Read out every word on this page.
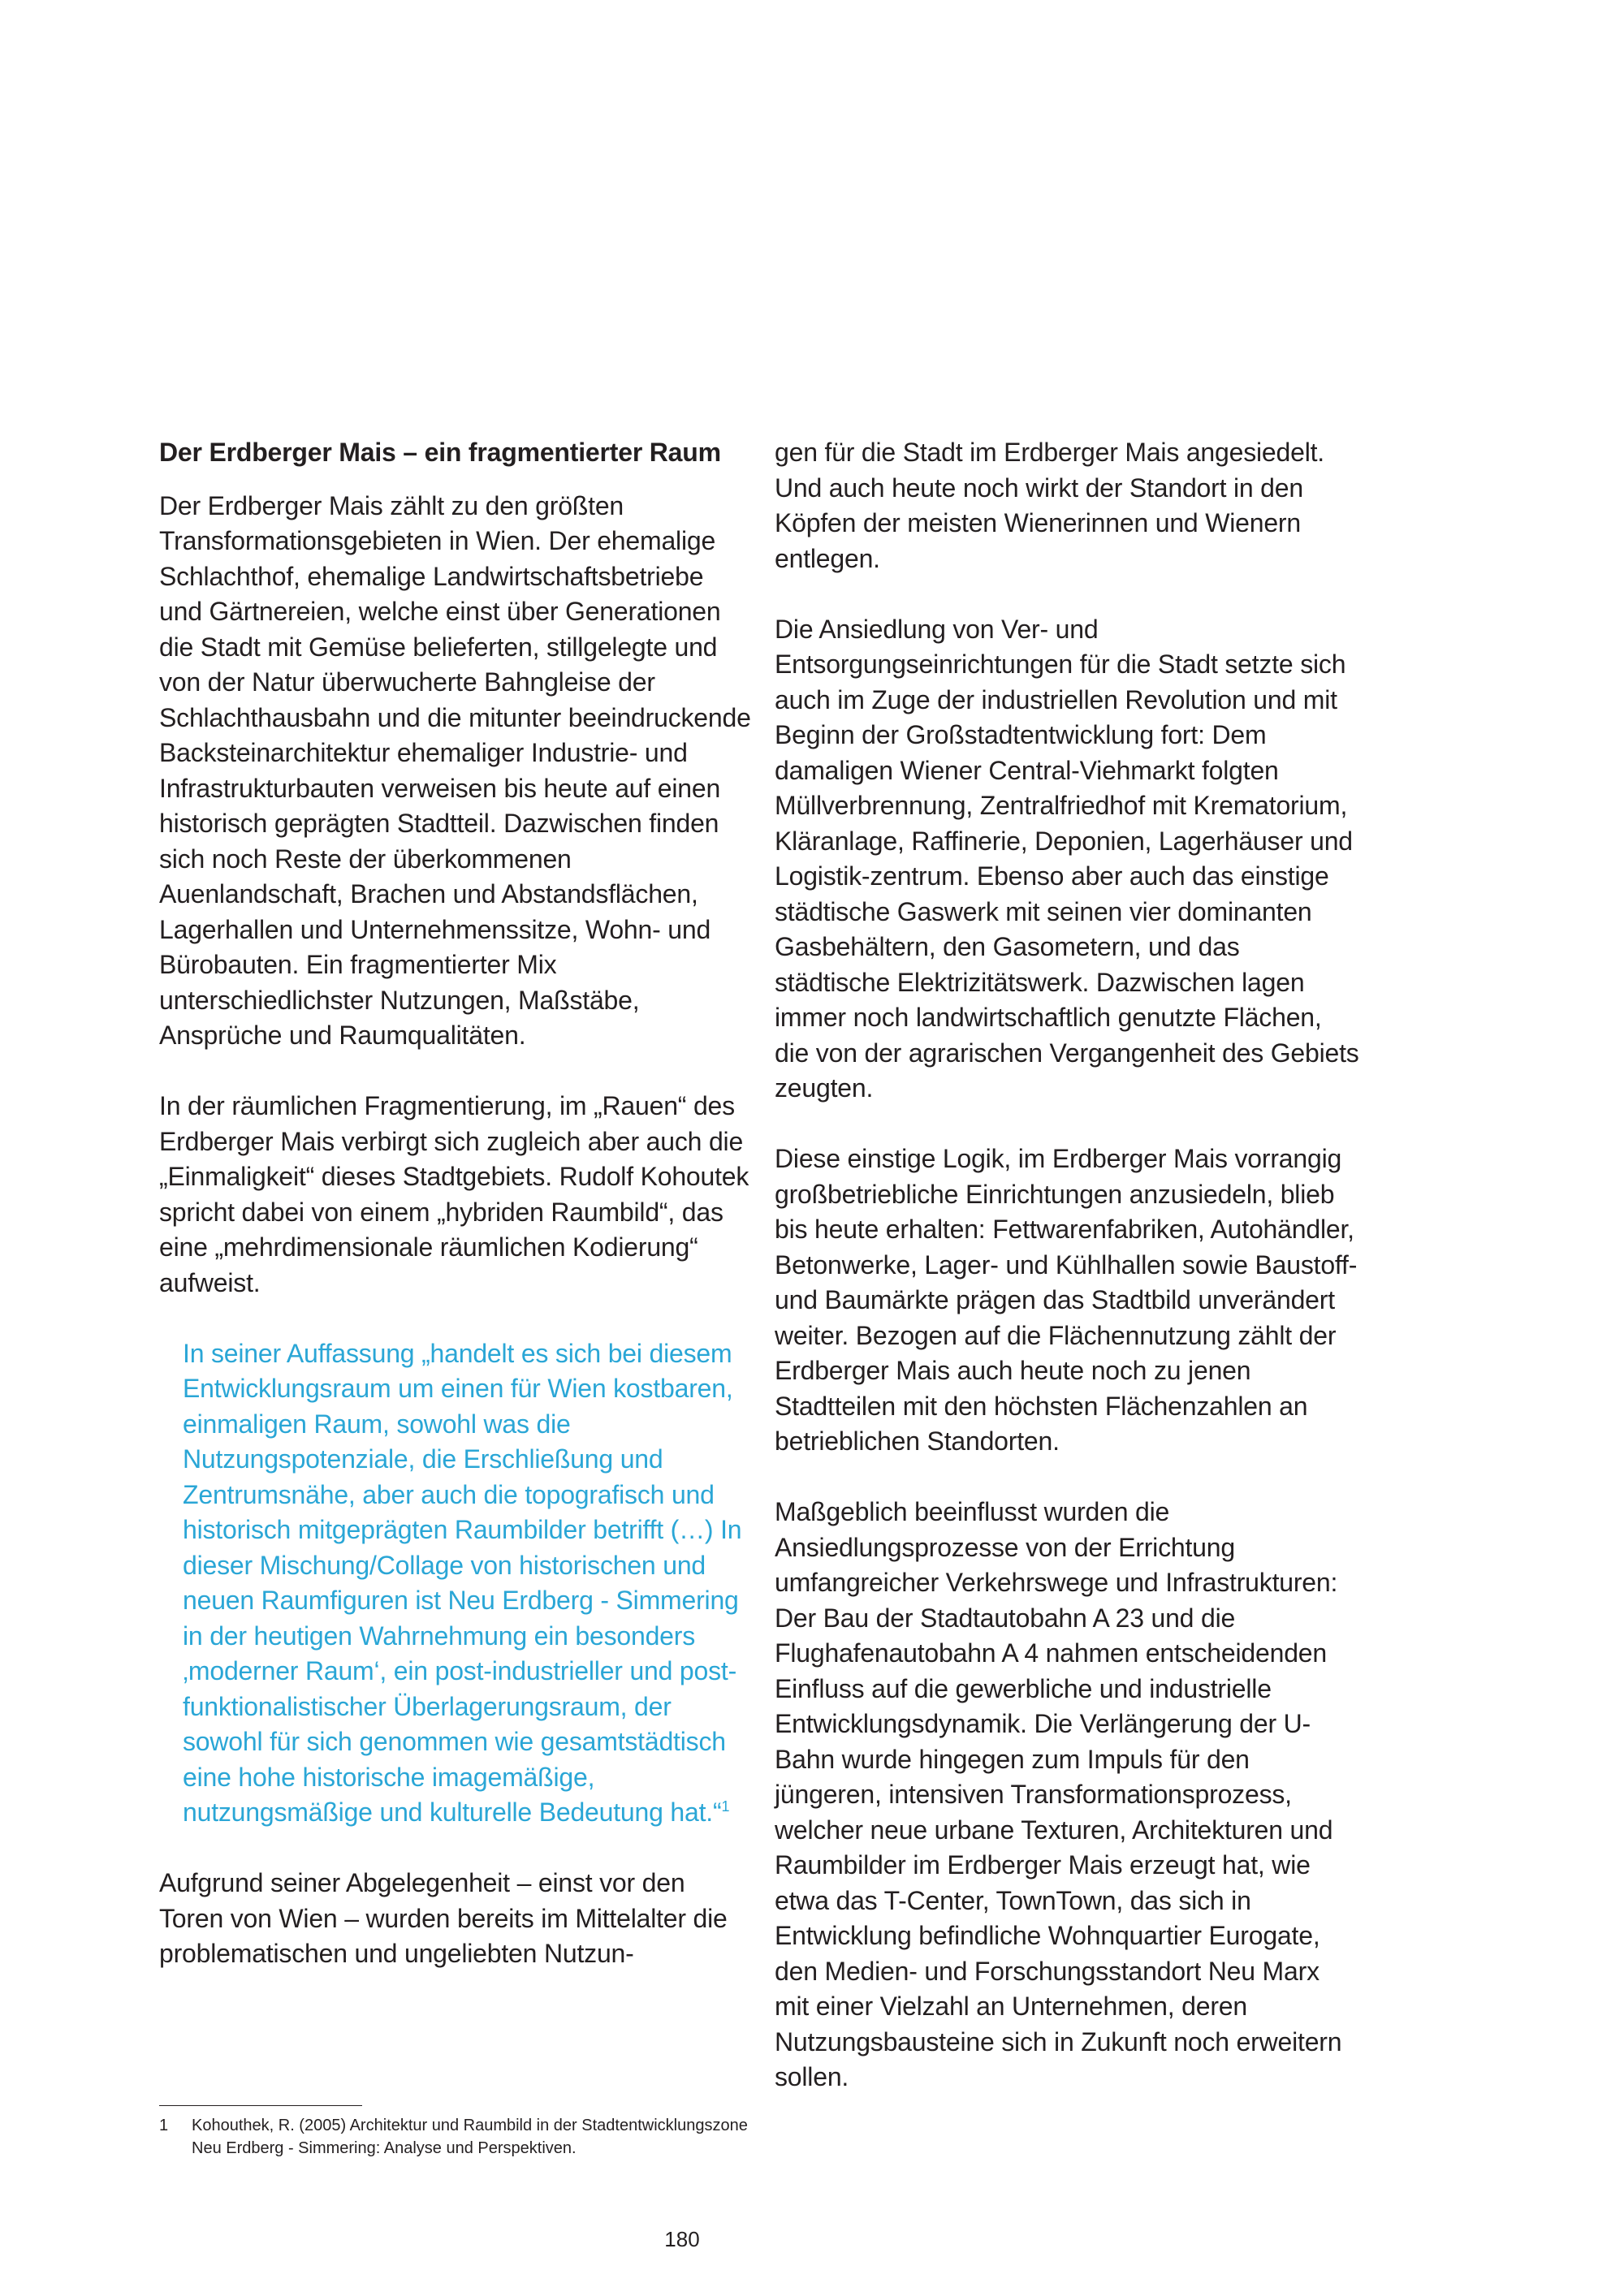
Der Erdberger Mais – ein fragmentierter Raum

Der Erdberger Mais zählt zu den größten Transformationsgebieten in Wien. Der ehemalige Schlachthof, ehemalige Landwirtschaftsbetriebe und Gärtnereien, welche einst über Generationen die Stadt mit Gemüse belieferten, stillgelegte und von der Natur überwucherte Bahngleise der Schlachthausbahn und die mitunter beeindruckende Backsteinarchitektur ehemaliger Industrie- und Infrastrukturbauten verweisen bis heute auf einen historisch geprägten Stadtteil. Dazwischen finden sich noch Reste der überkommenen Auenlandschaft, Brachen und Abstandsflächen, Lagerhallen und Unternehmenssitze, Wohn- und Bürobauten. Ein fragmentierter Mix unterschiedlichster Nutzungen, Maßstäbe, Ansprüche und Raumqualitäten.

In der räumlichen Fragmentierung, im „Rauen“ des Erdberger Mais verbirgt sich zugleich aber auch die „Einmaligkeit“ dieses Stadtgebiets. Rudolf Kohoutek spricht dabei von einem „hybriden Raumbild“, das eine „mehrdimensionale räumlichen Kodierung“ aufweist.

In seiner Auffassung „handelt es sich bei diesem Entwicklungsraum um einen für Wien kostbaren, einmaligen Raum, sowohl was die Nutzungspotenziale, die Erschließung und Zentrumsnähe, aber auch die topografisch und historisch mitgeprägten Raumbilder betrifft (…) In dieser Mischung/Collage von historischen und neuen Raumfiguren ist Neu Erdberg - Simmering in der heutigen Wahrnehmung ein besonders ‚moderner Raum‘, ein post-industrieller und post-funktionalistischer Überlagerungsraum, der sowohl für sich genommen wie gesamtstädtisch eine hohe historische imagemäßige, nutzungsmäßige und kulturelle Bedeutung hat.“$^1$

Aufgrund seiner Abgelegenheit – einst vor den Toren von Wien – wurden bereits im Mittelalter die problematischen und ungeliebten Nutzun-

gen für die Stadt im Erdberger Mais angesiedelt. Und auch heute noch wirkt der Standort in den Köpfen der meisten Wienerinnen und Wienern entlegen.

Die Ansiedlung von Ver- und Entsorgungseinrichtungen für die Stadt setzte sich auch im Zuge der industriellen Revolution und mit Beginn der Großstadtentwicklung fort: Dem damaligen Wiener Central-Viehmarkt folgten Müllverbrennung, Zentralfriedhof mit Krematorium, Kläranlage, Raffinerie, Deponien, Lagerhäuser und Logistik-zentrum. Ebenso aber auch das einstige städtische Gaswerk mit seinen vier dominanten Gasbehältern, den Gasometern, und das städtische Elektrizitätswerk. Dazwischen lagen immer noch landwirtschaftlich genutzte Flächen, die von der agrarischen Vergangenheit des Gebiets zeugten.

Diese einstige Logik, im Erdberger Mais vorrangig großbetriebliche Einrichtungen anzusiedeln, blieb bis heute erhalten: Fettwarenfabriken, Autohändler, Betonwerke, Lager- und Kühlhallen sowie Baustoff- und Baumärkte prägen das Stadtbild unverändert weiter. Bezogen auf die Flächennutzung zählt der Erdberger Mais auch heute noch zu jenen Stadtteilen mit den höchsten Flächenzahlen an betrieblichen Standorten.

Maßgeblich beeinflusst wurden die Ansiedlungsprozesse von der Errichtung umfangreicher Verkehrswege und Infrastrukturen: Der Bau der Stadtautobahn A 23 und die Flughafenautobahn A 4 nahmen entscheidenden Einfluss auf die gewerbliche und industrielle Entwicklungsdynamik. Die Verlängerung der U-Bahn wurde hingegen zum Impuls für den jüngeren, intensiven Transformationsprozess, welcher neue urbane Texturen, Architekturen und Raumbilder im Erdberger Mais erzeugt hat, wie etwa das T-Center, TownTown, das sich in Entwicklung befindliche Wohnquartier Eurogate, den Medien- und Forschungsstandort Neu Marx mit einer Vielzahl an Unternehmen, deren Nutzungsbausteine sich in Zukunft noch erweitern sollen.

1 Kohouthek, R. (2005) Architektur und Raumbild in der Stadtentwicklungszone Neu Erdberg - Simmering: Analyse und Perspektiven.
180
